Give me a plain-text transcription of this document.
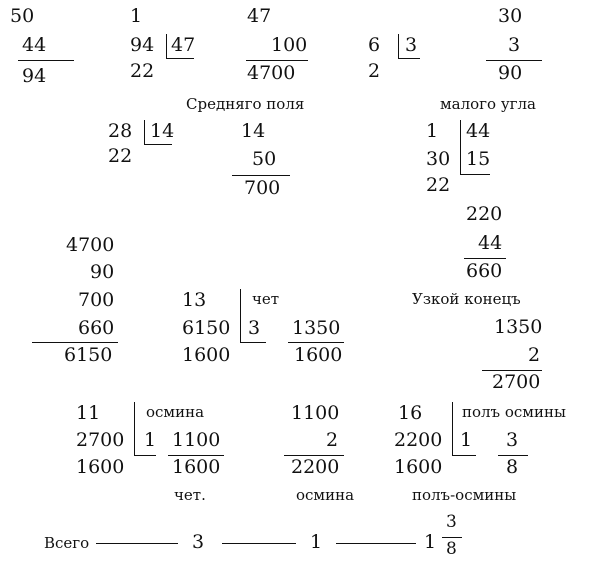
50
44
94
1
94 47
22
47
100
4700
6 3
2
30
3
90
Средняго поля	малого угла
28 14
22
14
50
700
1 44
30 15
22
220
44
660
4700
90
700
660
6150
13	чет
6150 3 1350
1600	1600
Узкой конецъ
1350
2
2700
11	осмина
2700 1 1100
1600	1600
1100
2
2200
16	полъ осмины
2200 1 3
1600	8
чет.	осмина	полъ-осмины
Всего	3	1	1
3
8
